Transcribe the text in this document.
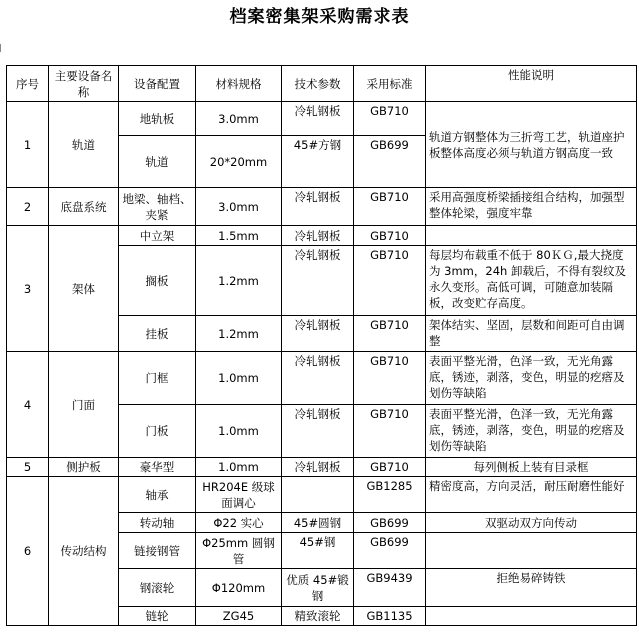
档案密集架采购需求表
序号	主要设备名称	设备配置	材料规格	技术参数	采用标准	性能说明
1	轨道	地轨板	3.0mm	冷轧钢板	GB710	轨道方钢整体为三折弯工艺，轨道座护板整体高度必须与轨道方钢高度一致
		轨道	20*20mm	45#方钢	GB699	
2	底盘系统	地梁、轴档、夹紧	3.0mm	冷轧钢板	GB710	采用高强度桥梁插接组合结构，加强型整体轮梁，强度牢靠
3	架体	中立架	1.5mm	冷轧钢板	GB710	
		搁板	1.2mm	冷轧钢板	GB710	每层均布载重不低于 80ＫＧ,最大挠度为 3mm，24h 卸载后，不得有裂纹及永久变形。高低可调，可随意加装隔板，改变贮存高度。
		挂板	1.2mm	冷轧钢板	GB710	架体结实、坚固，层数和间距可自由调整
4	门面	门框	1.0mm	冷轧钢板	GB710	表面平整光滑，色泽一致，无光角露底，锈迹，剥落，变色，明显的疙瘩及划伤等缺陷
		门板	1.0mm	冷轧钢板	GB710	表面平整光滑，色泽一致，无光角露底，锈迹，剥落，变色，明显的疙瘩及划伤等缺陷
5	侧护板	豪华型	1.0mm	冷轧钢板	GB710	每列侧板上装有目录框
6	传动结构	轴承	HR204E 级球面调心		GB1285	精密度高，方向灵活，耐压耐磨性能好
		转动轴	Φ22 实心	45#圆钢	GB699	双驱动双方向传动
		链接钢管	Φ25mm 圆钢管	45#钢	GB699	
		钢滚轮	Φ120mm	优质 45#锻钢	GB9439	拒绝易碎铸铁
		链轮	ZG45	精致滚轮	GB1135	
